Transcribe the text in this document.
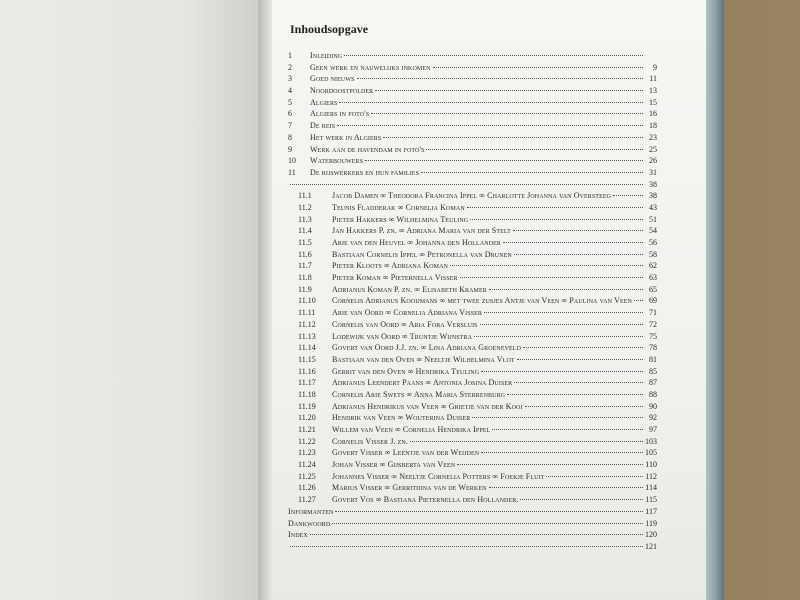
Inhoudsopgave
1	Inleiding
2	Geen werk en nauwelijks inkomen	9
3	Goed nieuws	11
4	Noordoostpolder	13
5	Algiers	15
6	Algiers in foto's	16
7	De reis	18
8	Het werk in Algiers	23
9	Werk aan de havendam in foto's	25
10	Waterbouwers	26
11	De rijswerkers en hun families	31
38
11.1	Jacob Damen ∞ Theodora Francina Ippel ∞ Charlotte Johanna van Oversteeg	38
11.2	Teunis Fladderak ∞ Cornelia Koman	43
11.3	Pieter Hakkers ∞ Wilhelmina Teuling	51
11.4	Jan Hakkers P. zn. ∞ Adriana Maria van der Stelt	54
11.5	Arie van den Heuvel ∞ Johanna den Hollander	56
11.6	Bastiaan Cornelis Ippel ∞ Petronella van Drunen	58
11.7	Pieter Kloots ∞ Adriana Koman	62
11.8	Pieter Koman ∞ Pieternella Visser	63
11.9	Adrianus Koman P. zn. ∞ Elisabeth Kramer	65
11.10	Cornelis Adrianus Kooijmans ∞ met twee zusjes Antje van Veen ∞ Paulina van Veen	69
11.11	Arie van Oord ∞ Cornelia Adriana Visser	71
11.12	Cornelis van Oord ∞ Aria Fora Versluis	72
11.13	Lodewijk van Oord ∞ Truntje Wijnstra	75
11.14	Govert van Oord J.J. zn. ∞ Lina Adriana Groeneveld	78
11.15	Bastiaan van den Oven ∞ Neeltje Wilhelmina Vlot	81
11.16	Gerrit van den Oven ∞ Hendrika Teuling	85
11.17	Adrianus Leendert Paans ∞ Antonia Josina Duiser	87
11.18	Cornelis Arie Swets ∞ Anna Maria Sterrenburg	88
11.19	Adrianus Hendrikus van Veen ∞ Grietje van der Kooi	90
11.20	Hendrik van Veen ∞ Wouterina Duiser	92
11.21	Willem van Veen ∞ Cornelia Hendrika Ippel	97
11.22	Cornelis Visser J. zn.	103
11.23	Govert Visser ∞ Leentje van der Weijden	105
11.24	Johan Visser ∞ Gijsberta van Veen	110
11.25	Johannes Visser ∞ Neeltje Cornelia Potters ∞ Foekje Fluit	112
11.26	Marius Visser ∞ Gerritdina van de Werken	114
11.27	Govert Vos ∞ Bastiana Pieternella den Hollander.	115
Informanten	117
Dankwoord	119
Index	120
121
